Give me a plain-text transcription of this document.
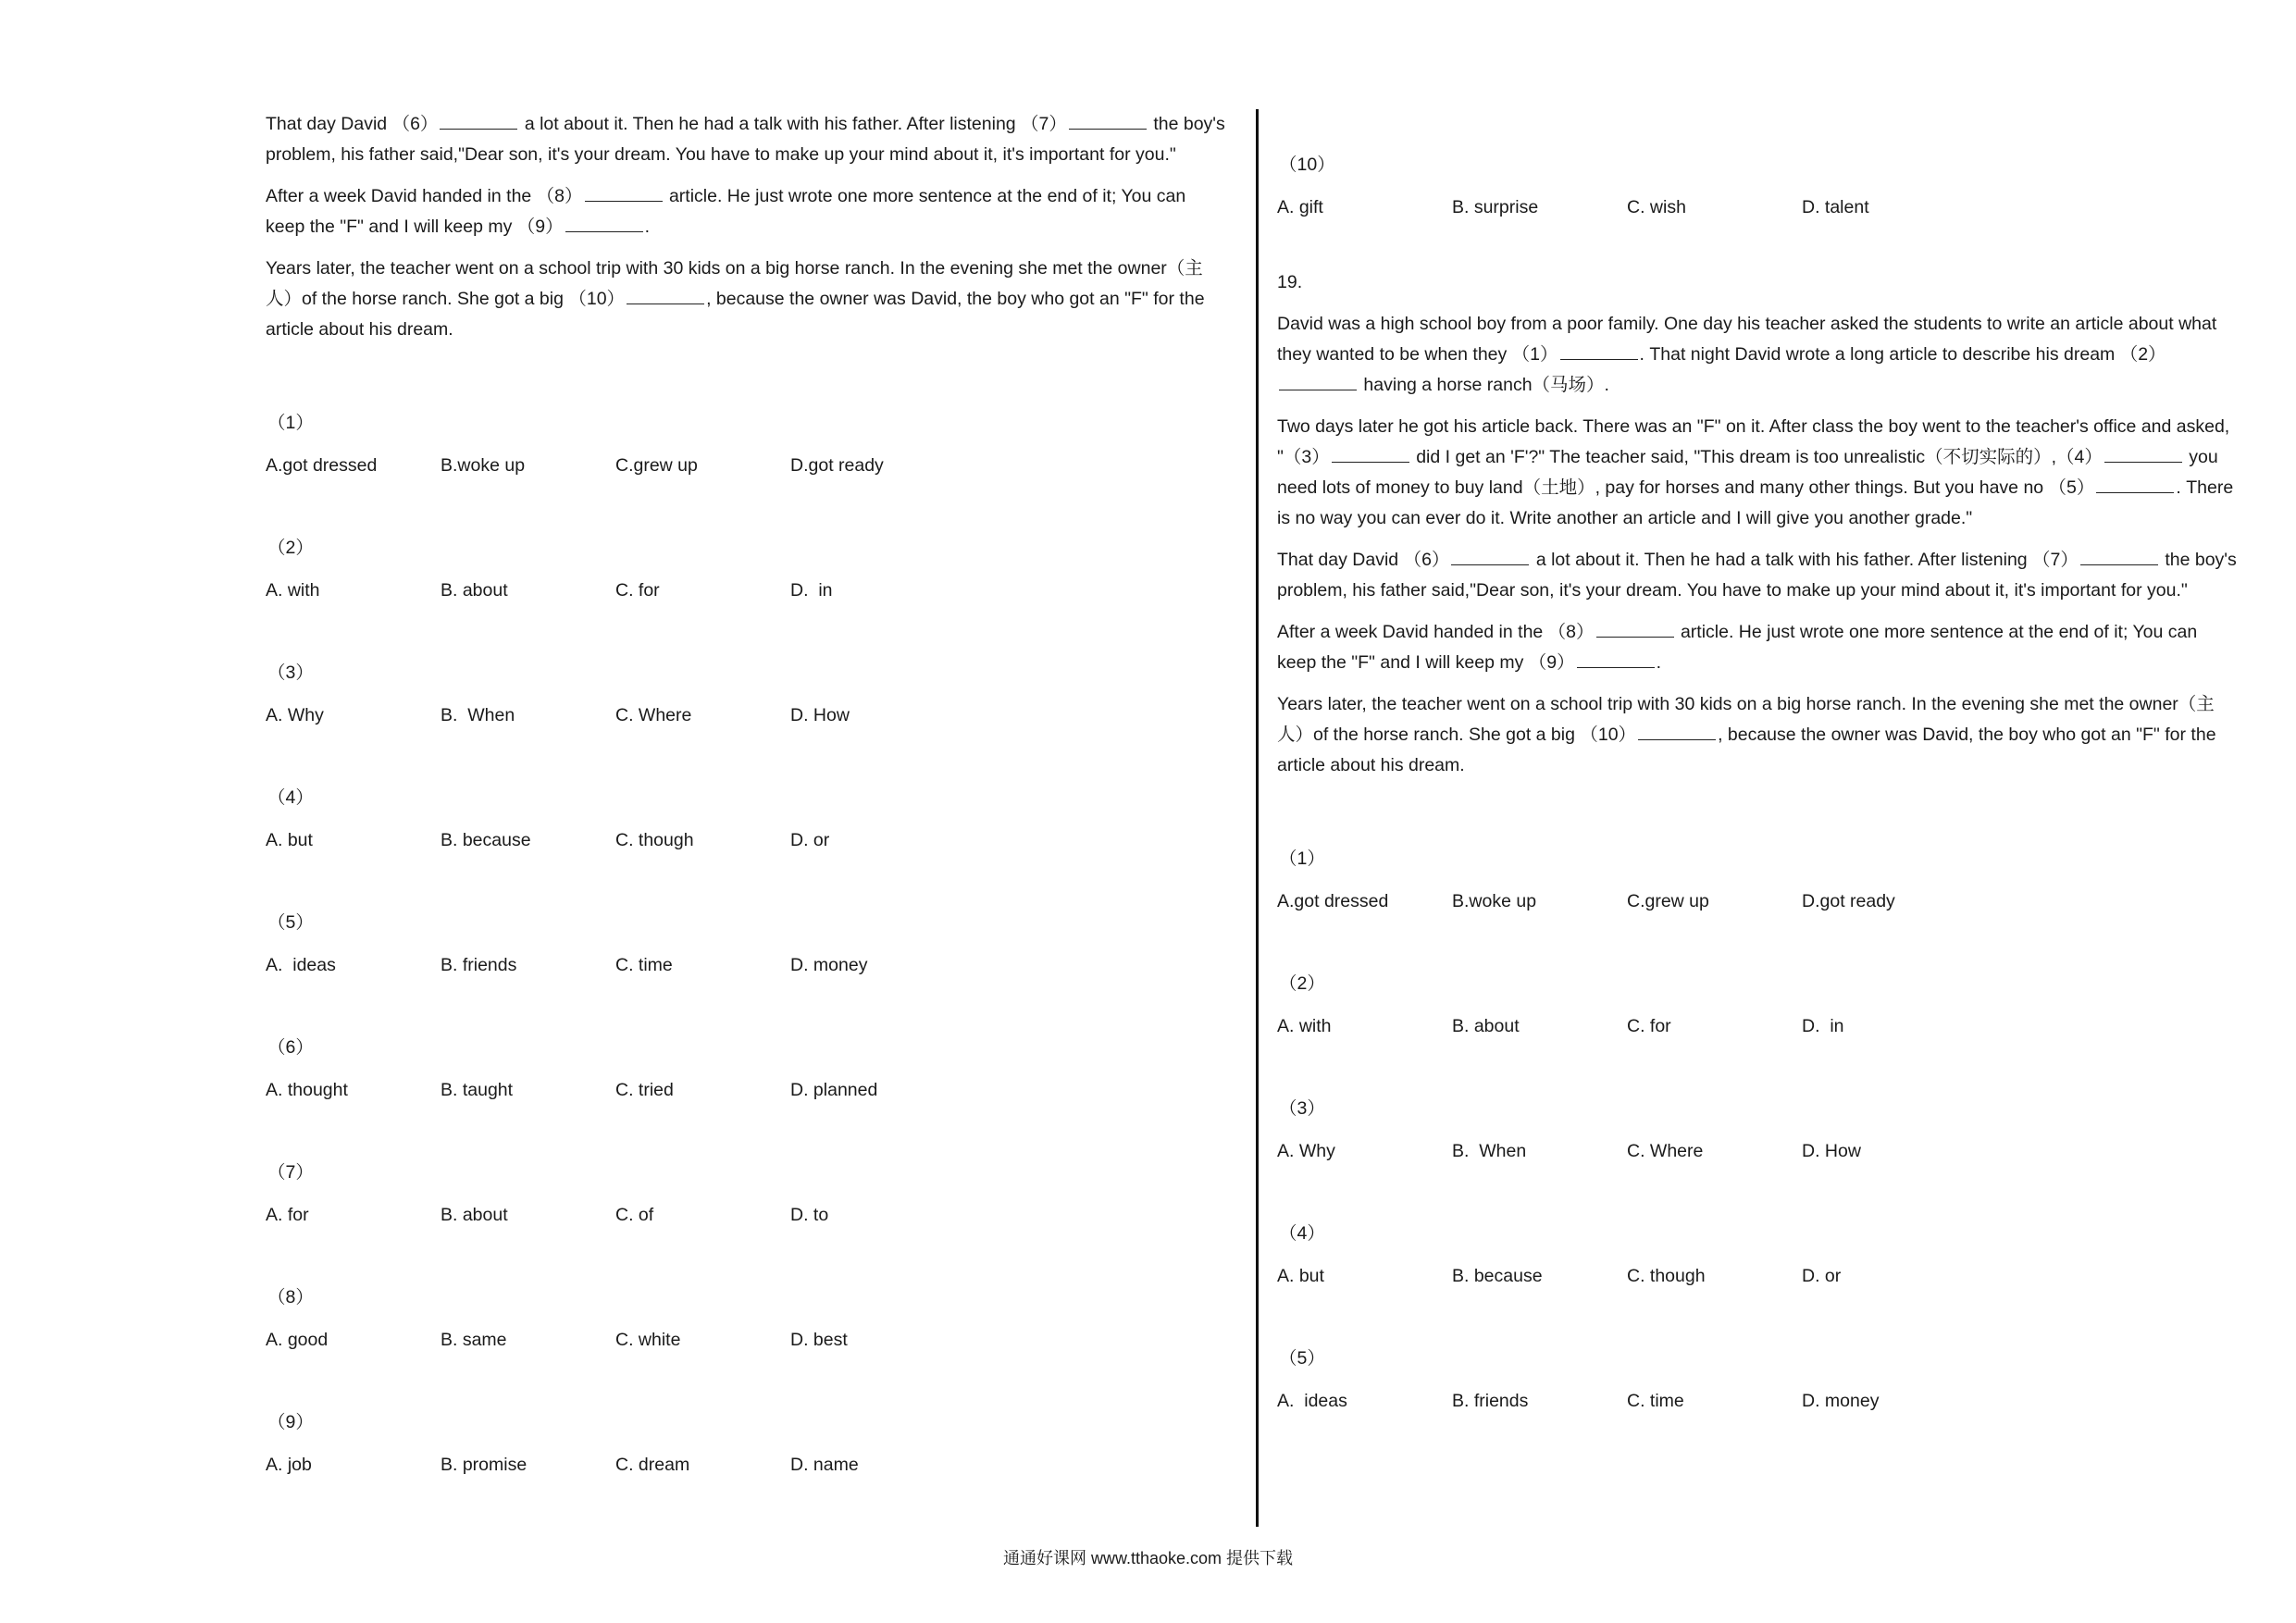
That day David （6）	a lot about it. Then he had a talk with his father. After listening （7）	the boy's problem, his father said,"Dear son, it's your dream. You have to make up your mind about it, it's important for you."

After a week David handed in the （8）	article. He just wrote one more sentence at the end of it; You can keep the "F" and I will keep my （9）	.

Years later, the teacher went on a school trip with 30 kids on a big horse ranch. In the evening she met the owner（主人）of the horse ranch. She got a big （10）	, because the owner was David, the boy who got an "F" for the article about his dream.

（1）
A.got dressed	B.woke up	C.grew up	D.got ready
（2）
A. with	B. about	C. for	D.  in
（3）
A. Why	B.  When	C. Where	D. How
（4）
A. but	B. because	C. though	D. or
（5）
A.  ideas	B. friends	C. time	D. money
（6）
A. thought	B. taught	C. tried	D. planned
（7）
A. for	B. about	C. of	D. to
（8）
A. good	B. same	C. white	D. best
（9）
A. job	B. promise	C. dream	D. name
（10）
A. gift	B. surprise	C. wish	D. talent
19.

David was a high school boy from a poor family. One day his teacher asked the students to write an article about what they wanted to be when they （1）	. That night David wrote a long article to describe his dream （2） having a horse ranch（马场）.

Two days later he got his article back. There was an "F" on it. After class the boy went to the teacher's office and asked, "（3）	did I get an 'F'?" The teacher said, "This dream is too unrealistic（不切实际的）,（4）	you need lots of money to buy land（土地）, pay for horses and many other things. But you have no （5）	. There is no way you can ever do it. Write another an article and I will give you another grade."

That day David （6）	a lot about it. Then he had a talk with his father. After listening （7）	the boy's problem, his father said,"Dear son, it's your dream. You have to make up your mind about it, it's important for you."

After a week David handed in the （8）	article. He just wrote one more sentence at the end of it; You can keep the "F" and I will keep my （9）	.

Years later, the teacher went on a school trip with 30 kids on a big horse ranch. In the evening she met the owner（主人）of the horse ranch. She got a big （10）	, because the owner was David, the boy who got an "F" for the article about his dream.

（1）
A.got dressed	B.woke up	C.grew up	D.got ready
（2）
A. with	B. about	C. for	D.  in
（3）
A. Why	B.  When	C. Where	D. How
（4）
A. but	B. because	C. though	D. or
（5）
A.  ideas	B. friends	C. time	D. money
通通好课网 www.tthaoke.com 提供下载
